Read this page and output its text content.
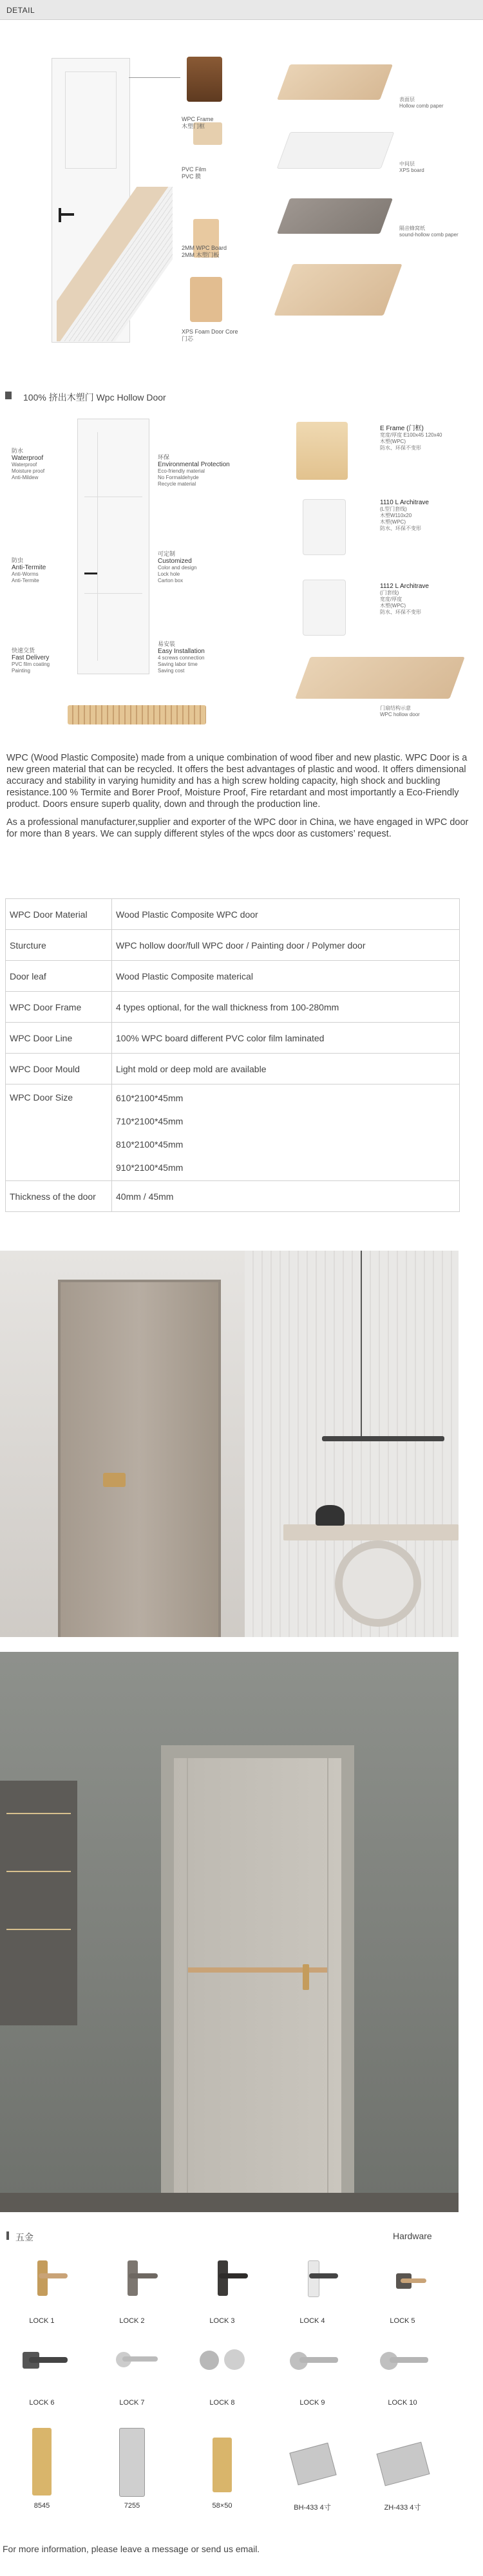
DETAIL
WPC Frame
木塑门框
PVC Film
PVC 膜
2MM WPC Board
2MM 木塑门板
XPS Foam Door Core
门芯
表面层
Hollow comb paper
中间层
XPS board
隔音蜂窝纸
sound-hollow comb paper
100% 挤出木塑门 Wpc Hollow Door
防水
Waterproof
Waterproof
Moisture proof
Anti-Mildew
防虫
Anti-Termite
Anti-Worms
Anti-Termite
快速交货
Fast Delivery
PVC film coating
Painting
环保
Environmental Protection
Eco-friendly material
No Formaldehyde
Recycle material
可定制
Customized
Color and design
Lock hole
Carton box
易安装
Easy Installation
4 screws connection
Saving labor time
Saving cost
E Frame (门框)
宽度/厚度 E100x45 120x40
木塑(WPC)
防水、环保不变形
1110 L Architrave
(L型门套线)
木塑W110x20
木塑(WPC)
防水、环保不变形
1112 L Architrave
(门套线)
宽度/厚度
木塑(WPC)
防水、环保不变形
门扇结构示意
WPC hollow door
WPC (Wood Plastic Composite) made from a unique combination of wood fiber and new plastic. WPC Door is a new green material that can be recycled. It offers the best advantages of plastic and wood. It offers dimensional accuracy and stability in varying humidity and has a high screw holding capacity, high shock and buckling resistance.100 % Termite and Borer Proof, Moisture Proof, Fire retardant and most importantly a Eco-Friendly product. Doors ensure superb quality, down and through the production line.
As a professional manufacturer,supplier and exporter of the WPC door in China, we have engaged in WPC door for more than 8 years. We can supply different styles of the wpcs door as customers’ request.
WPC Door Material	Wood Plastic Composite WPC door
Sturcture	WPC hollow door/full WPC door / Painting door / Polymer door
Door leaf	Wood Plastic Composite materical
WPC Door Frame	4 types optional, for the wall thickness from 100-280mm
WPC Door Line	100% WPC board different PVC color film laminated
WPC Door Mould	Light mold or deep mold are available
WPC Door Size	610*2100*45mm
710*2100*45mm
810*2100*45mm
910*2100*45mm

Thickness of the door	40mm / 45mm
五金	Hardware
LOCK 1	LOCK 2	LOCK 3	LOCK 4	LOCK 5
LOCK 6	LOCK 7	LOCK 8	LOCK 9	LOCK 10
8545	7255	58×50	BH-433 4寸	ZH-433 4寸
For more information, please leave a message or send us email.
